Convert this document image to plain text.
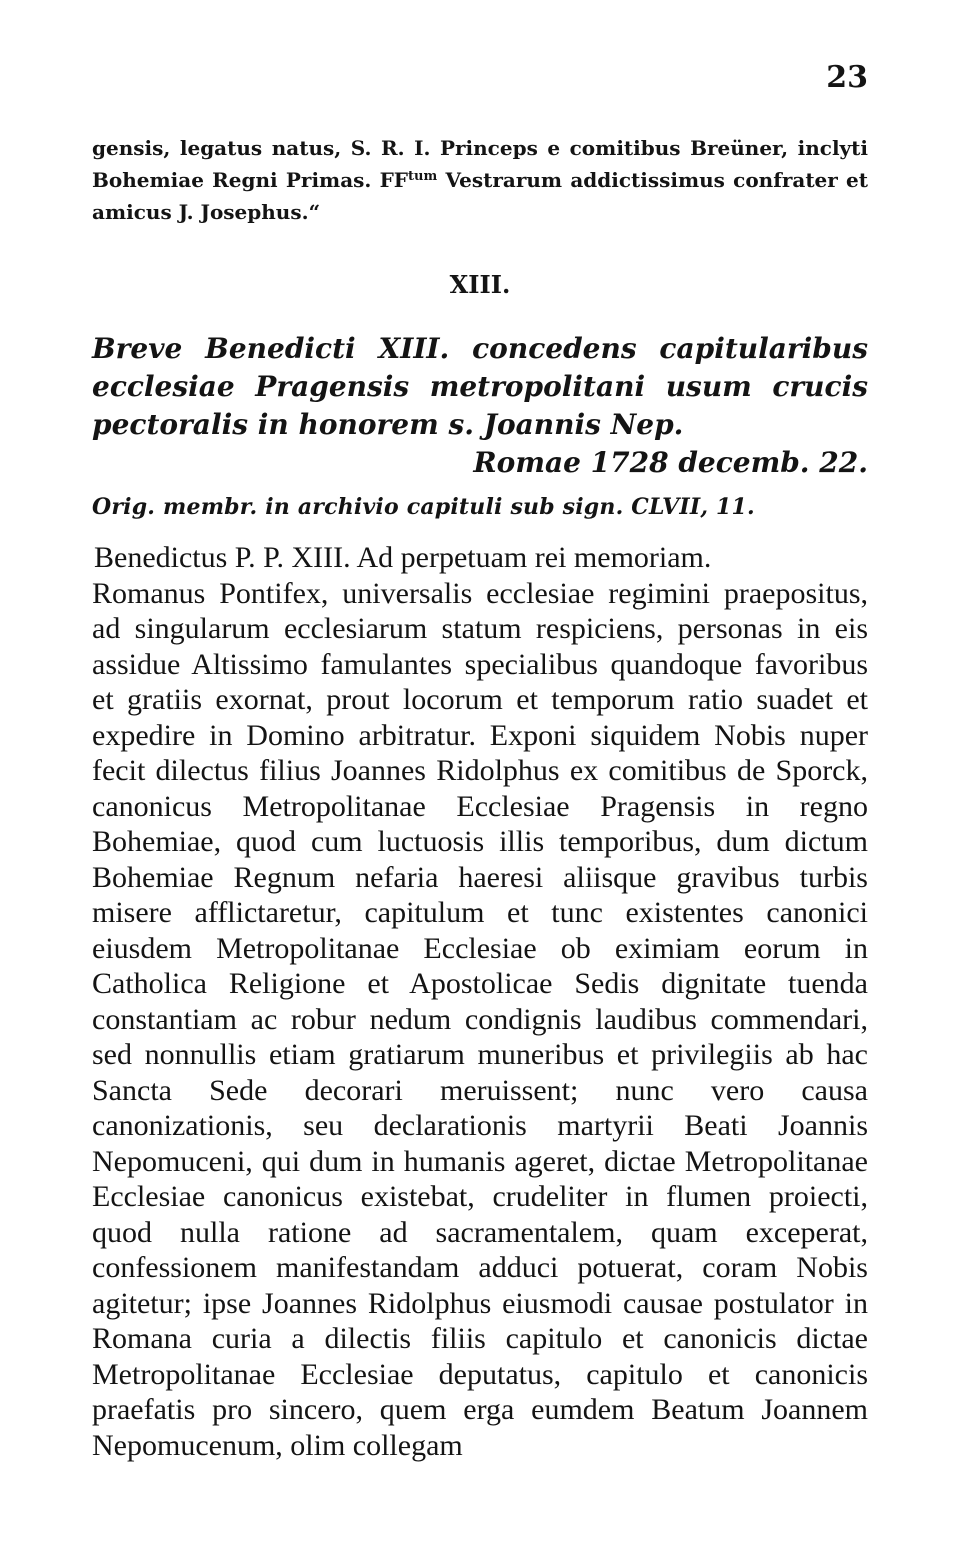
23
gensis, legatus natus, S. R. I. Princeps e comitibus Breüner, inclyti Bohemiae Regni Primas. $FF^{tum}$ Vestrarum addictissimus confrater et amicus J. Josephus.“
XIII.
Breve Benedicti XIII. concedens capitularibus ecclesiae Pragensis metropolitani usum crucis pectoralis in honorem s. Joannis Nep.
Romae 1728 decemb. 22.
Orig. membr. in archivio capituli sub sign. CLVII, 11.
Benedictus P. P. XIII. Ad perpetuam rei memoriam.
Romanus Pontifex, universalis ecclesiae regimini praepositus, ad singularum ecclesiarum statum respiciens, personas in eis assidue Altissimo famulantes specialibus quandoque favoribus et gratiis exornat, prout locorum et temporum ratio suadet et expedire in Domino arbitratur. Exponi siquidem Nobis nuper fecit dilectus filius Joannes Ridolphus ex comitibus de Sporck, canonicus Metropolitanae Ecclesiae Pragensis in regno Bohemiae, quod cum luctuosis illis temporibus, dum dictum Bohemiae Regnum nefaria haeresi aliisque gravibus turbis misere afflictaretur, capitulum et tunc existentes canonici eiusdem Metropolitanae Ecclesiae ob eximiam eorum in Catholica Religione et Apostolicae Sedis dignitate tuenda constantiam ac robur nedum condignis laudibus commendari, sed nonnullis etiam gratiarum muneribus et privilegiis ab hac Sancta Sede decorari meruissent; nunc vero causa canonizationis, seu declarationis martyrii Beati Joannis Nepomuceni, qui dum in humanis ageret, dictae Metropolitanae Ecclesiae canonicus existebat, crudeliter in flumen proiecti, quod nulla ratione ad sacramentalem, quam exceperat, confessionem manifestandam adduci potuerat, coram Nobis agitetur; ipse Joannes Ridolphus eiusmodi causae postulator in Romana curia a dilectis filiis capitulo et canonicis dictae Metropolitanae Ecclesiae deputatus, capitulo et canonicis praefatis pro sincero, quem erga eumdem Beatum Joannem Nepomucenum, olim collegam
